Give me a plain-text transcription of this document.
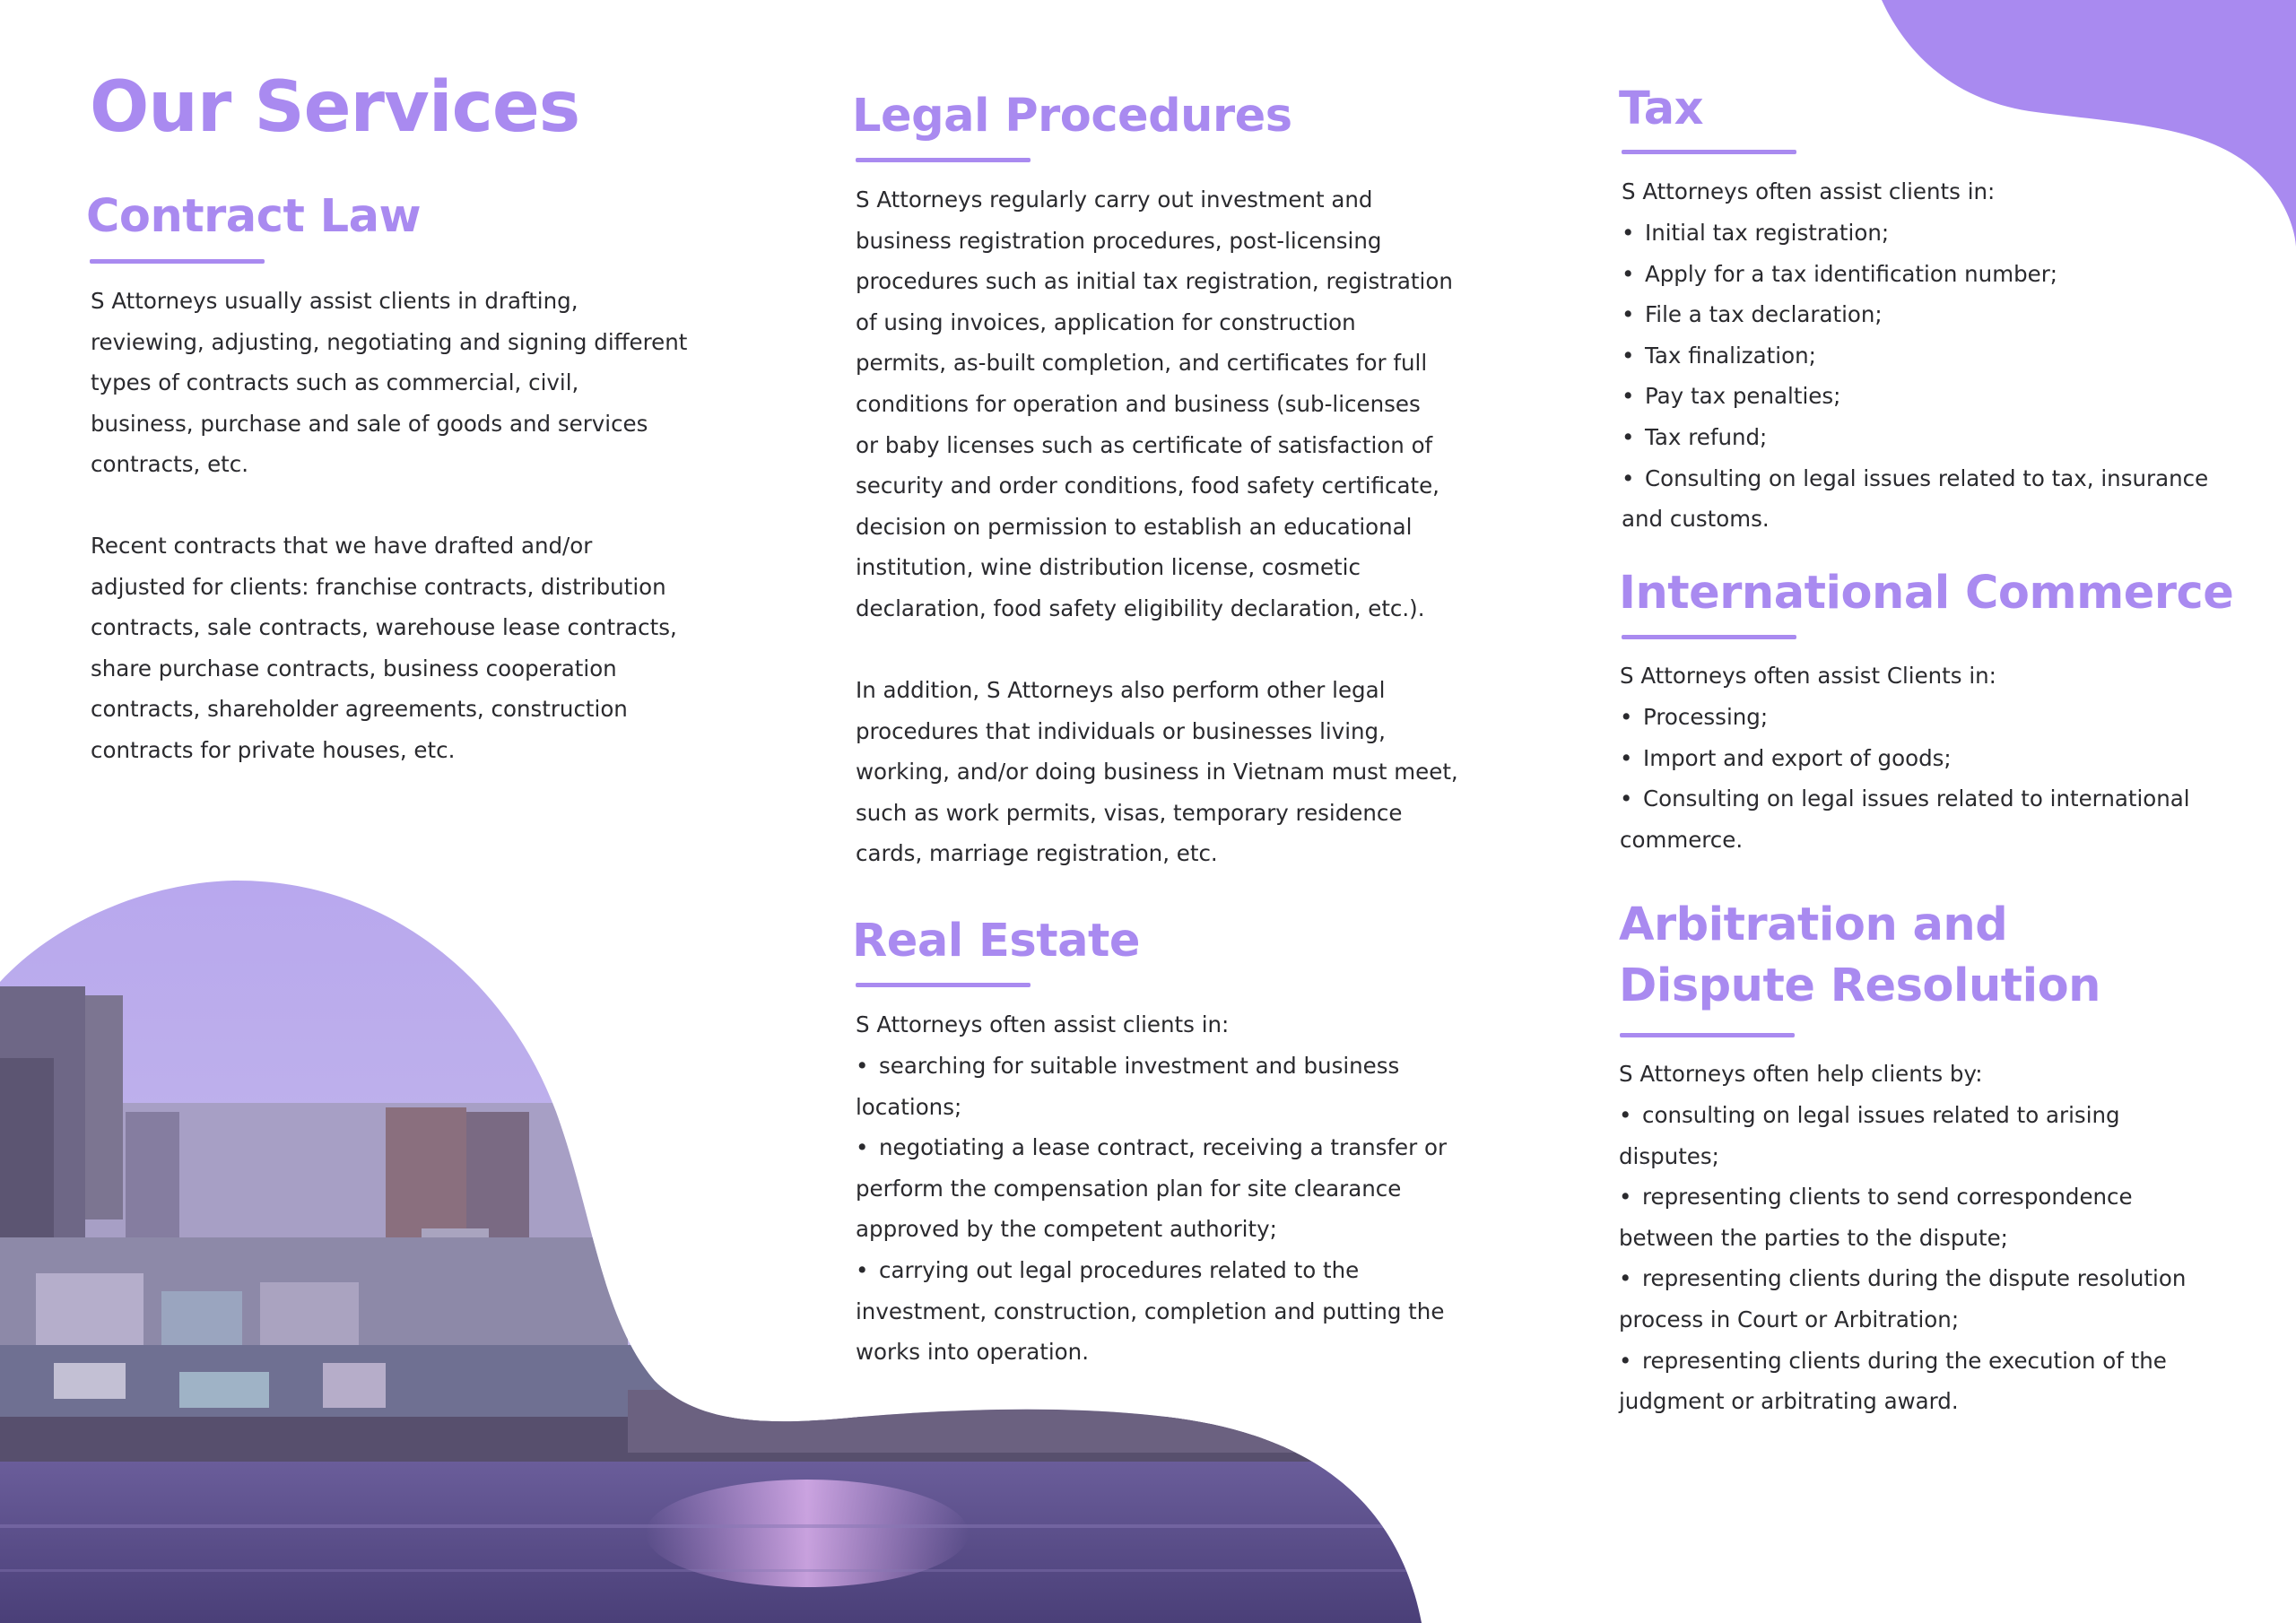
Our Services
Contract Law

S Attorneys usually assist clients in drafting,
reviewing, adjusting, negotiating and signing different
types of contracts such as commercial, civil,
business, purchase and sale of goods and services
contracts, etc.

Recent contracts that we have drafted and/or
adjusted for clients: franchise contracts, distribution
contracts, sale contracts, warehouse lease contracts,
share purchase contracts, business cooperation
contracts, shareholder agreements, construction
contracts for private houses, etc.

Legal Procedures

S Attorneys regularly carry out investment and
business registration procedures, post-licensing
procedures such as initial tax registration, registration
of using invoices, application for construction
permits, as-built completion, and certificates for full
conditions for operation and business (sub-licenses
or baby licenses such as certificate of satisfaction of
security and order conditions, food safety certificate,
decision on permission to establish an educational
institution, wine distribution license, cosmetic
declaration, food safety eligibility declaration, etc.).

In addition, S Attorneys also perform other legal
procedures that individuals or businesses living,
working, and/or doing business in Vietnam must meet,
such as work permits, visas, temporary residence
cards, marriage registration, etc.

Real Estate

S Attorneys often assist clients in:

• searching for suitable investment and business
locations;
• negotiating a lease contract, receiving a transfer or
perform the compensation plan for site clearance
approved by the competent authority;
• carrying out legal procedures related to the
investment, construction, completion and putting the
works into operation.
Tax

S Attorneys often assist clients in:

• Initial tax registration;
• Apply for a tax identification number;
• File a tax declaration;
• Tax finalization;
• Pay tax penalties;
• Tax refund;
• Consulting on legal issues related to tax, insurance
and customs.
International Commerce

S Attorneys often assist Clients in:

• Processing;
• Import and export of goods;
• Consulting on legal issues related to international
commerce.
Arbitration and
Dispute Resolution

S Attorneys often help clients by:

• consulting on legal issues related to arising
disputes;
• representing clients to send correspondence
between the parties to the dispute;
• representing clients during the dispute resolution
process in Court or Arbitration;
• representing clients during the execution of the
judgment or arbitrating award.
